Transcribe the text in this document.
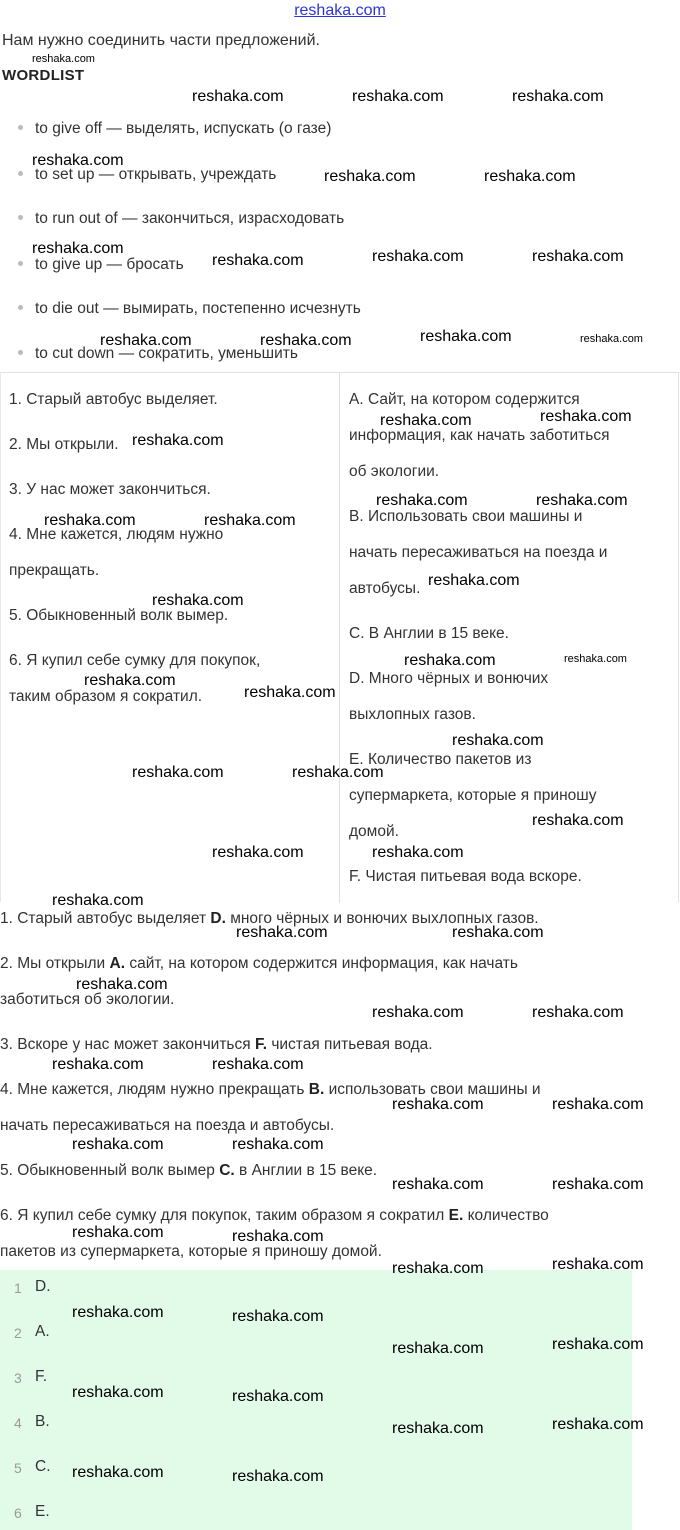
reshaka.com
Нам нужно соединить части предложений.
WORDLIST
to give off — выделять, испускать (о газе)
to set up — открывать, учреждать
to run out of — закончиться, израсходовать
to give up — бросать
to die out — вымирать, постепенно исчезнуть
to cut down — сократить, уменьшить
1. Старый автобус выделяет.
2. Мы открыли.
3. У нас может закончиться.
4. Мне кажется, людям нужно
прекращать.
5. Обыкновенный волк вымер.
6. Я купил себе сумку для покупок,
таким образом я сократил.
A. Сайт, на котором содержится
информация, как начать заботиться
об экологии.
B. Использовать свои машины и
начать пересаживаться на поезда и
автобусы.
C. В Англии в 15 веке.
D. Много чёрных и вонючих
выхлопных газов.
E. Количество пакетов из
супермаркета, которые я приношу
домой.
F. Чистая питьевая вода вскоре.
1. Старый автобус выделяет D. много чёрных и вонючих выхлопных газов.
2. Мы открыли A. сайт, на котором содержится информация, как начать
заботиться об экологии.
3. Вскоре у нас может закончиться F. чистая питьевая вода.
4. Мне кажется, людям нужно прекращать B. использовать свои машины и
начать пересаживаться на поезда и автобусы.
5. Обыкновенный волк вымер C. в Англии в 15 веке.
6. Я купил себе сумку для покупок, таким образом я сократил E. количество
пакетов из супермаркета, которые я приношу домой.
1 D.
2 A.
3 F.
4 B.
5 C.
6 E.
reshaka.com
reshaka.com	reshaka.com	reshaka.com
reshaka.com
reshaka.com	reshaka.com
reshaka.com
reshaka.com	reshaka.com	reshaka.com
reshaka.com	reshaka.com	reshaka.com	reshaka.com
reshaka.com	reshaka.com
reshaka.com
reshaka.com	reshaka.com
reshaka.com	reshaka.com
reshaka.com
reshaka.com
reshaka.com	reshaka.com
reshaka.com
reshaka.com
reshaka.com
reshaka.com	reshaka.com
reshaka.com
reshaka.com	reshaka.com
reshaka.com
reshaka.com	reshaka.com
reshaka.com
reshaka.com	reshaka.com
reshaka.com	reshaka.com
reshaka.com	reshaka.com
reshaka.com	reshaka.com
reshaka.com	reshaka.com
reshaka.com	reshaka.com
reshaka.com	reshaka.com
reshaka.com	reshaka.com
reshaka.com	reshaka.com
reshaka.com	reshaka.com
reshaka.com	reshaka.com
reshaka.com	reshaka.com
